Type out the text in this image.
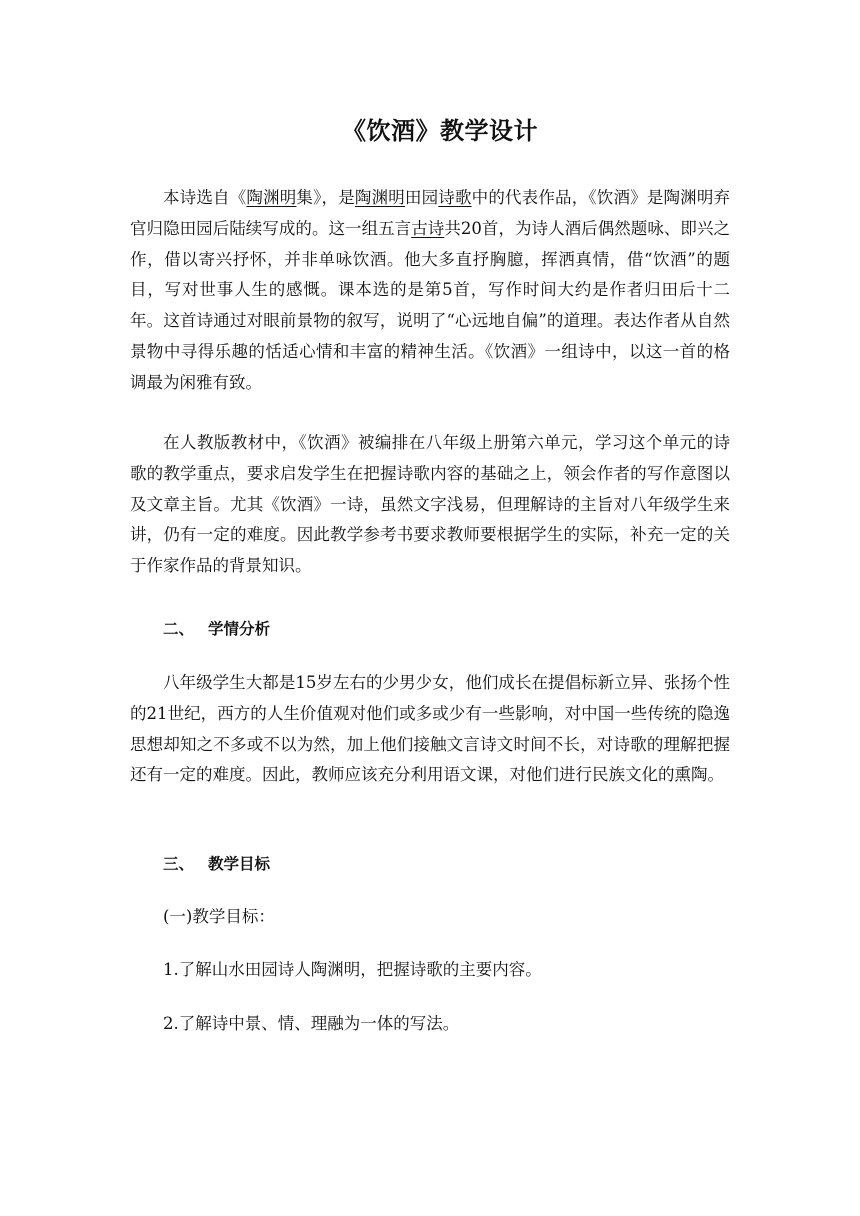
《饮酒》教学设计
本诗选自《陶渊明集》，是陶渊明田园诗歌中的代表作品，《饮酒》是陶渊明弃官归隐田园后陆续写成的。这一组五言古诗共20首，为诗人酒后偶然题咏、即兴之作，借以寄兴抒怀，并非单咏饮酒。他大多直抒胸臆，挥洒真情，借“饮酒”的题目，写对世事人生的感慨。课本选的是第5首，写作时间大约是作者归田后十二年。这首诗通过对眼前景物的叙写，说明了“心远地自偏”的道理。表达作者从自然景物中寻得乐趣的恬适心情和丰富的精神生活。《饮酒》一组诗中，以这一首的格调最为闲雅有致。
在人教版教材中，《饮酒》被编排在八年级上册第六单元，学习这个单元的诗歌的教学重点，要求启发学生在把握诗歌内容的基础之上，领会作者的写作意图以及文章主旨。尤其《饮酒》一诗，虽然文字浅易，但理解诗的主旨对八年级学生来讲，仍有一定的难度。因此教学参考书要求教师要根据学生的实际，补充一定的关于作家作品的背景知识。
二、 学情分析
八年级学生大都是15岁左右的少男少女，他们成长在提倡标新立异、张扬个性的21世纪，西方的人生价值观对他们或多或少有一些影响，对中国一些传统的隐逸思想却知之不多或不以为然，加上他们接触文言诗文时间不长，对诗歌的理解把握还有一定的难度。因此，教师应该充分利用语文课，对他们进行民族文化的熏陶。
三、 教学目标
(一)教学目标：
1.了解山水田园诗人陶渊明，把握诗歌的主要内容。
2.了解诗中景、情、理融为一体的写法。
